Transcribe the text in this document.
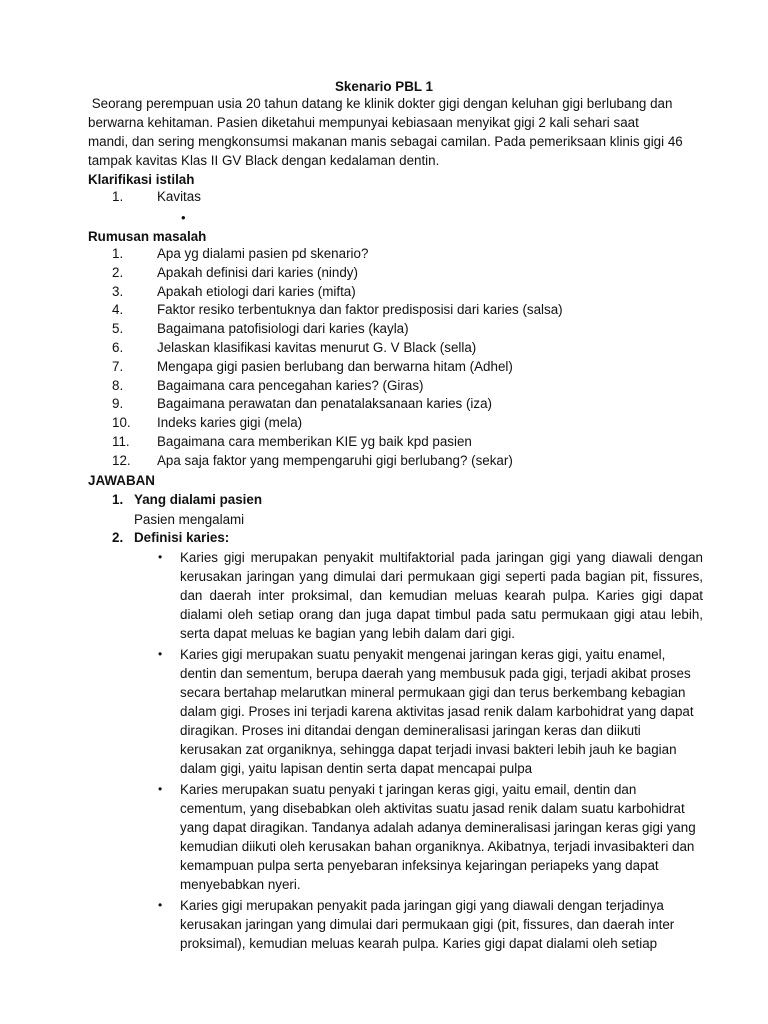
Skenario PBL 1

Seorang perempuan usia 20 tahun datang ke klinik dokter gigi dengan keluhan gigi berlubang dan

berwarna kehitaman. Pasien diketahui mempunyai kebiasaan menyikat gigi 2 kali sehari saat

mandi, dan sering mengkonsumsi makanan manis sebagai camilan. Pada pemeriksaan klinis gigi 46

tampak kavitas Klas II GV Black dengan kedalaman dentin.

Klarifikasi istilah
1.	Kavitas
•
Rumusan masalah
1.	Apa yg dialami pasien pd skenario?
2.	Apakah definisi dari karies (nindy)
3.	Apakah etiologi dari karies (mifta)
4.	Faktor resiko terbentuknya dan faktor predisposisi dari karies (salsa)
5.	Bagaimana patofisiologi dari karies (kayla)
6.	Jelaskan klasifikasi kavitas menurut G. V Black (sella)
7.	Mengapa gigi pasien berlubang dan berwarna hitam (Adhel)
8.	Bagaimana cara pencegahan karies? (Giras)
9.	Bagaimana perawatan dan penatalaksanaan karies (iza)
10. Indeks karies gigi (mela)
11. Bagaimana cara memberikan KIE yg baik kpd pasien
12. Apa saja faktor yang mempengaruhi gigi berlubang? (sekar)
JAWABAN
1. Yang dialami pasien
Pasien mengalami
2. Definisi karies:
• Karies gigi merupakan penyakit multifaktorial pada jaringan gigi yang diawali dengan kerusakan jaringan yang dimulai dari permukaan gigi seperti pada bagian pit, fissures, dan daerah inter proksimal, dan kemudian meluas kearah pulpa. Karies gigi dapat dialami oleh setiap orang dan juga dapat timbul pada satu permukaan gigi atau lebih, serta dapat meluas ke bagian yang lebih dalam dari gigi.
• Karies gigi merupakan suatu penyakit mengenai jaringan keras gigi, yaitu enamel, dentin dan sementum, berupa daerah yang membusuk pada gigi, terjadi akibat proses secara bertahap melarutkan mineral permukaan gigi dan terus berkembang kebagian dalam gigi. Proses ini terjadi karena aktivitas jasad renik dalam karbohidrat yang dapat diragikan. Proses ini ditandai dengan demineralisasi jaringan keras dan diikuti kerusakan zat organiknya, sehingga dapat terjadi invasi bakteri lebih jauh ke bagian dalam gigi, yaitu lapisan dentin serta dapat mencapai pulpa
• Karies merupakan suatu penyaki t jaringan keras gigi, yaitu email, dentin dan cementum, yang disebabkan oleh aktivitas suatu jasad renik dalam suatu karbohidrat yang dapat diragikan. Tandanya adalah adanya demineralisasi jaringan keras gigi yang kemudian diikuti oleh kerusakan bahan organiknya. Akibatnya, terjadi invasibakteri dan kemampuan pulpa serta penyebaran infeksinya kejaringan periapeks yang dapat menyebabkan nyeri.
• Karies gigi merupakan penyakit pada jaringan gigi yang diawali dengan terjadinya kerusakan jaringan yang dimulai dari permukaan gigi (pit, fissures, dan daerah inter proksimal), kemudian meluas kearah pulpa. Karies gigi dapat dialami oleh setiap
